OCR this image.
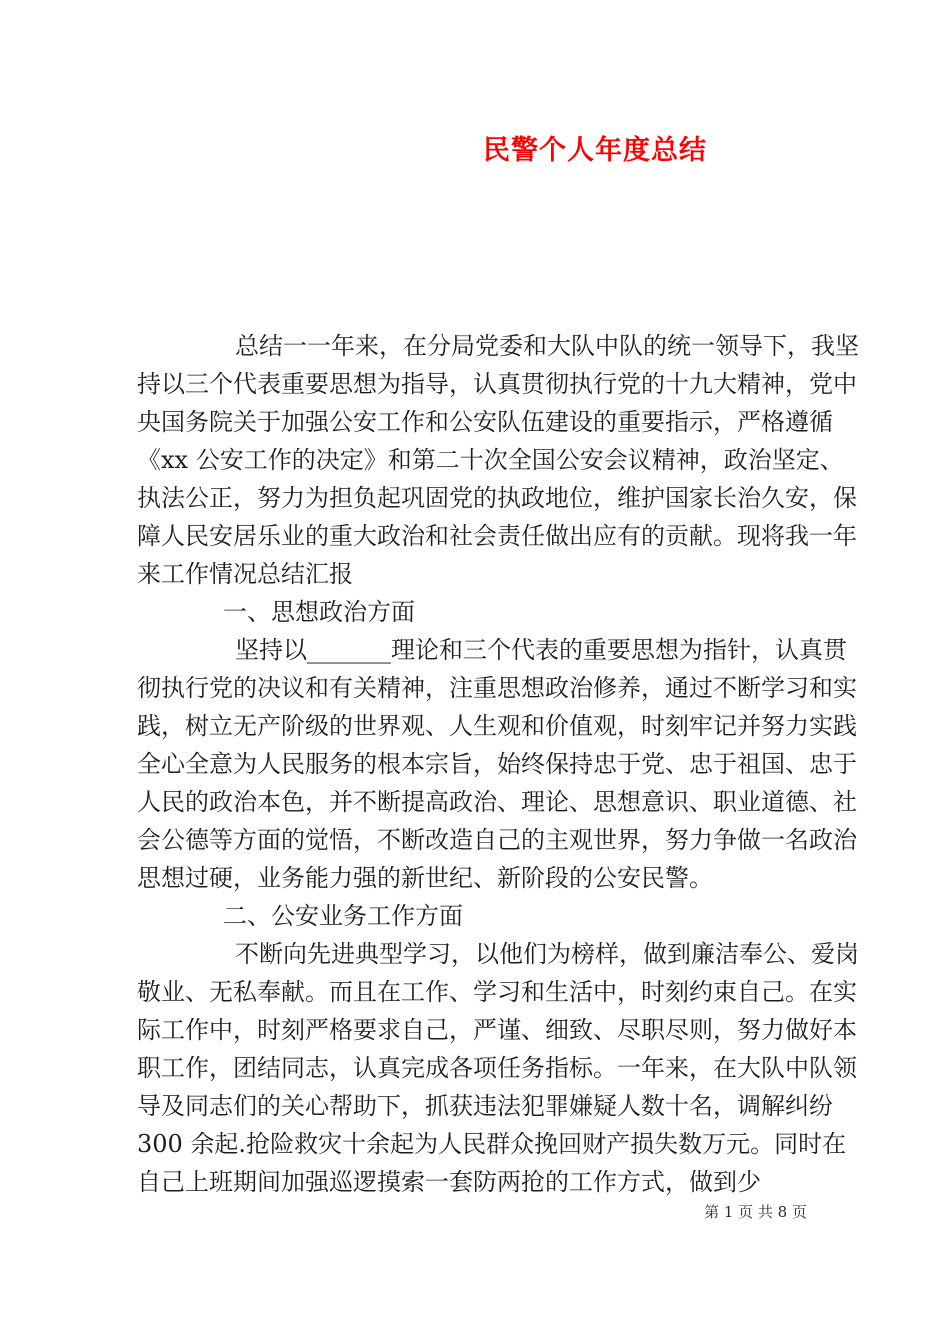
民警个人年度总结

总结一一年来，在分局党委和大队中队的统一领导下，我坚持以三个代表重要思想为指导，认真贯彻执行党的十九大精神，党中央国务院关于加强公安工作和公安队伍建设的重要指示，严格遵循《xx 公安工作的决定》和第二十次全国公安会议精神，政治坚定、执法公正，努力为担负起巩固党的执政地位，维护国家长治久安，保障人民安居乐业的重大政治和社会责任做出应有的贡献。现将我一年来工作情况总结汇报

一、思想政治方面

坚持以_______理论和三个代表的重要思想为指针，认真贯彻执行党的决议和有关精神，注重思想政治修养，通过不断学习和实践，树立无产阶级的世界观、人生观和价值观，时刻牢记并努力实践全心全意为人民服务的根本宗旨，始终保持忠于党、忠于祖国、忠于人民的政治本色，并不断提高政治、理论、思想意识、职业道德、社会公德等方面的觉悟，不断改造自己的主观世界，努力争做一名政治思想过硬，业务能力强的新世纪、新阶段的公安民警。

二、公安业务工作方面

不断向先进典型学习，以他们为榜样，做到廉洁奉公、爱岗敬业、无私奉献。而且在工作、学习和生活中，时刻约束自己。在实际工作中，时刻严格要求自己，严谨、细致、尽职尽则，努力做好本职工作，团结同志，认真完成各项任务指标。一年来，在大队中队领导及同志们的关心帮助下，抓获违法犯罪嫌疑人数十名，调解纠纷 300 余起.抢险救灾十余起为人民群众挽回财产损失数万元。同时在自己上班期间加强巡逻摸索一套防两抢的工作方式，做到少

第 1 页 共 8 页
